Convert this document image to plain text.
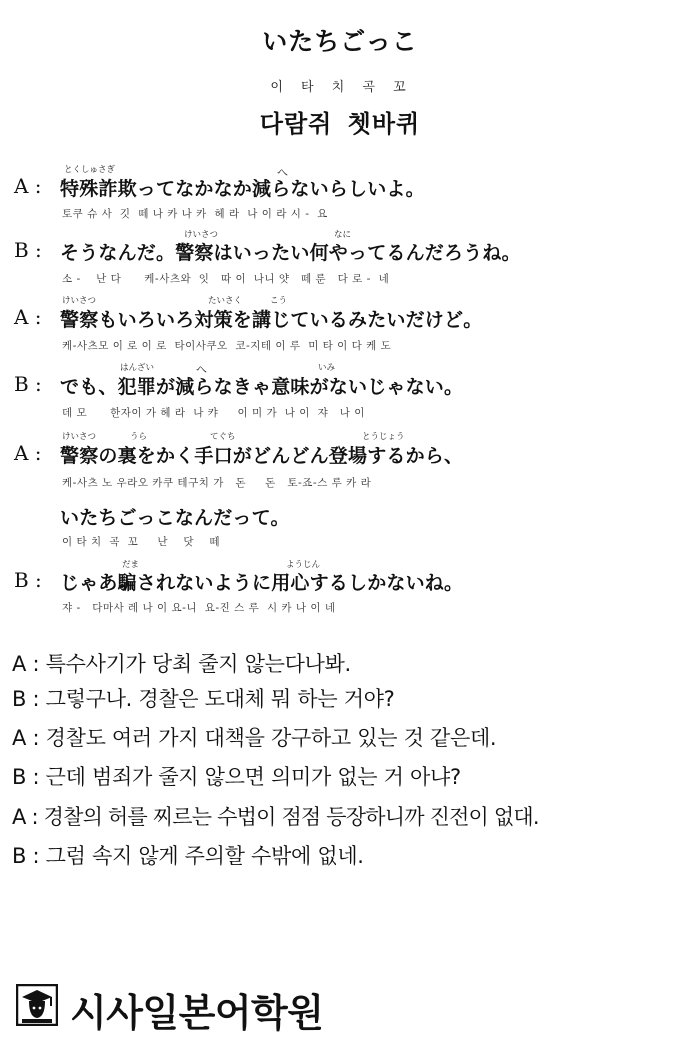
いたちごっこ
이 타 치 곡 꼬
다람쥐 쳇바퀴
とくしゅさぎ	へ
A : 特殊詐欺ってなかなか減らないらしいよ。
토쿠 슈 사  깃  떼 나 카 나 카  헤 라  나 이 라 시 -  요
けいさつ	なに
B : そうなんだ。警察はいったい何やってるんだろうね。
소 -    난 다      케-사츠와  잇   따 이  나니 얏   떼 룬   다 로 -  네
けいさつ	たいさく	こう
A : 警察もいろいろ対策を講じているみたいだけど。
케-사츠모 이 로 이 로  타이사쿠오  코-지테 이 루  미 타 이 다 케 도
はんざい	へ	いみ
B : でも、犯罪が減らなきゃ意味がないじゃない。
데 모      한자이 가 헤 라  나 캬     이 미 가  나 이  쟈   나 이
けいさつ	うら	てぐち	とうじょう
A : 警察の裏をかく手口がどんどん登場するから、
케-사츠 노 우라오 카쿠 테구치 가   돈     돈   토-죠-스 루 카 라
いたちごっこなんだって。
이 타 치  곡  꼬     난    닷    떼
だま	ようじん
B : じゃあ騙されないように用心するしかないね。
쟈 -   다마사 레 나 이 요-니  요-진 스 루  시 카 나 이 네
A : 특수사기가 당최 줄지 않는다나봐.
B : 그렇구나. 경찰은 도대체 뭐 하는 거야?
A : 경찰도 여러 가지 대책을 강구하고 있는 것 같은데.
B : 근데 범죄가 줄지 않으면 의미가 없는 거 아냐?
A : 경찰의 허를 찌르는 수법이 점점 등장하니까 진전이 없대.
B : 그럼 속지 않게 주의할 수밖에 없네.
시사일본어학원
